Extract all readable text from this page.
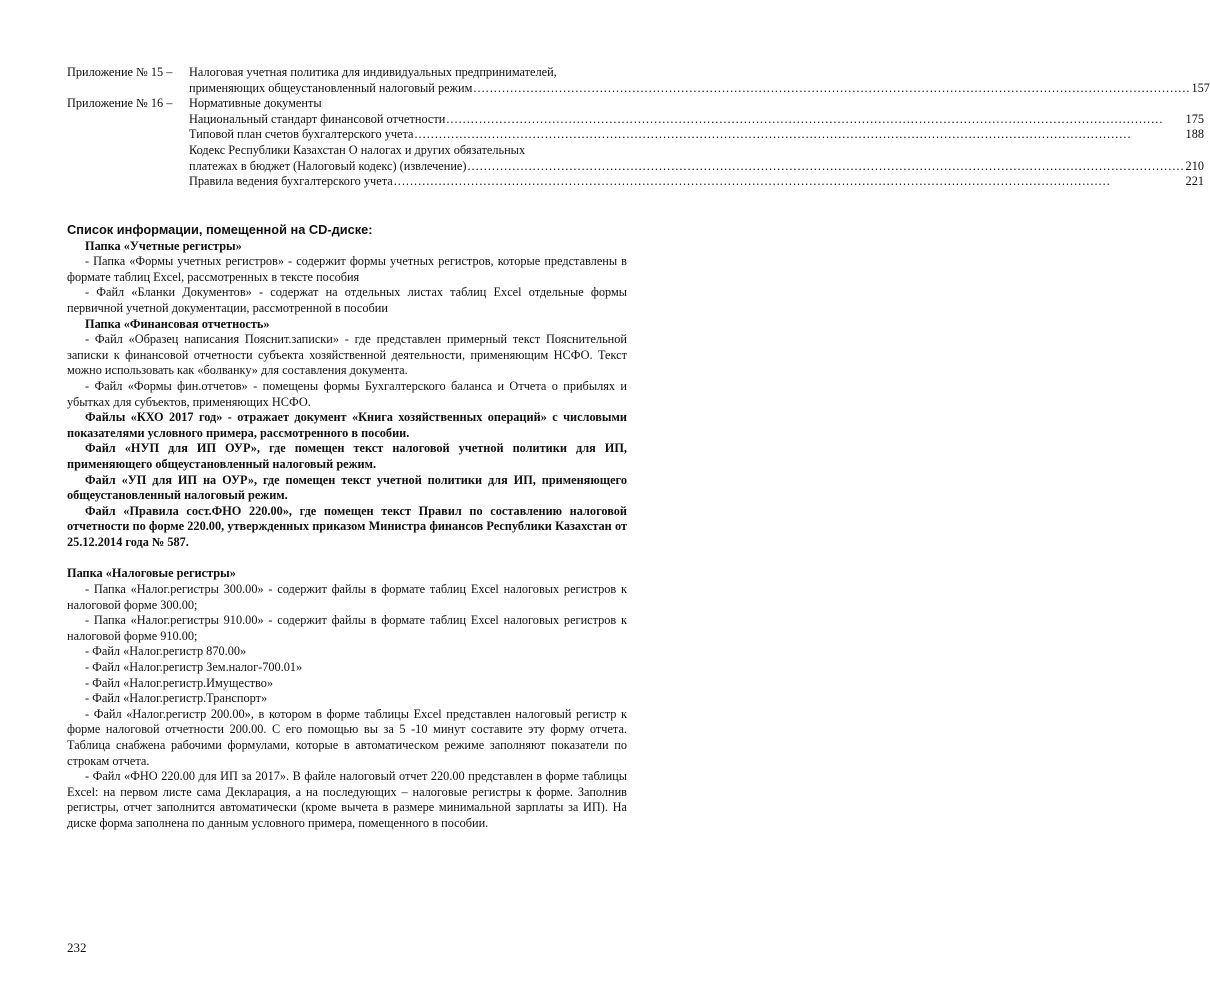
Приложение № 15 –	Налоговая учетная политика для индивидуальных предпринимателей,
применяющих общеустановленный налоговый режим .....	157
Приложение № 16 –	Нормативные документы
Национальный стандарт финансовой отчетности .....	175
Типовой план счетов бухгалтерского учета .....	188
Кодекс Республики Казахстан О налогах и других обязательных
платежах в бюджет (Налоговый кодекс) (извлечение) .....	210
Правила ведения бухгалтерского учета .....	221
Список информации, помещенной на CD-диске:
Папка «Учетные регистры»
- Папка «Формы учетных регистров» - содержит формы учетных регистров, которые представлены в формате таблиц Excel, рассмотренных в тексте пособия
- Файл «Бланки Документов» - содержат на отдельных листах таблиц Excel отдельные формы первичной учетной документации, рассмотренной в пособии
Папка «Финансовая отчетность»
- Файл «Образец написания Пояснит.записки» - где представлен примерный текст Пояснительной записки к финансовой отчетности субъекта хозяйственной деятельности, применяющим НСФО. Текст можно использовать как «болванку» для составления документа.
- Файл «Формы фин.отчетов» - помещены формы Бухгалтерского баланса и Отчета о прибылях и убытках для субъектов, применяющих НСФО.
Файлы «КХО 2017 год» - отражает документ «Книга хозяйственных операций» с числовыми показателями условного примера, рассмотренного в пособии.
Файл «НУП для ИП ОУР», где помещен текст налоговой учетной политики для ИП, применяющего общеустановленный налоговый режим.
Файл «УП для ИП на ОУР», где помещен текст учетной политики для ИП, применяющего общеустановленный налоговый режим.
Файл «Правила сост.ФНО 220.00», где помещен текст Правил по составлению налоговой отчетности по форме 220.00, утвержденных приказом Министра финансов Республики Казахстан от 25.12.2014 года № 587.
Папка «Налоговые регистры»
- Папка «Налог.регистры 300.00» - содержит файлы в формате таблиц Excel налоговых регистров к налоговой форме 300.00;
- Папка «Налог.регистры 910.00» - содержит файлы в формате таблиц Excel налоговых регистров к налоговой форме 910.00;
- Файл «Налог.регистр 870.00»
- Файл «Налог.регистр Зем.налог-700.01»
- Файл «Налог.регистр.Имущество»
- Файл «Налог.регистр.Транспорт»
- Файл «Налог.регистр 200.00», в котором в форме таблицы Excel представлен налоговый регистр к форме налоговой отчетности 200.00. С его помощью вы за 5 -10 минут составите эту форму отчета. Таблица снабжена рабочими формулами, которые в автоматическом режиме заполняют показатели по строкам отчета.
- Файл «ФНО 220.00 для ИП за 2017». В файле налоговый отчет 220.00 представлен в форме таблицы Excel: на первом листе сама Декларация, а на последующих – налоговые регистры к форме. Заполнив регистры, отчет заполнится автоматически (кроме вычета в размере минимальной зарплаты за ИП). На диске форма заполнена по данным условного примера, помещенного в пособии.
232
